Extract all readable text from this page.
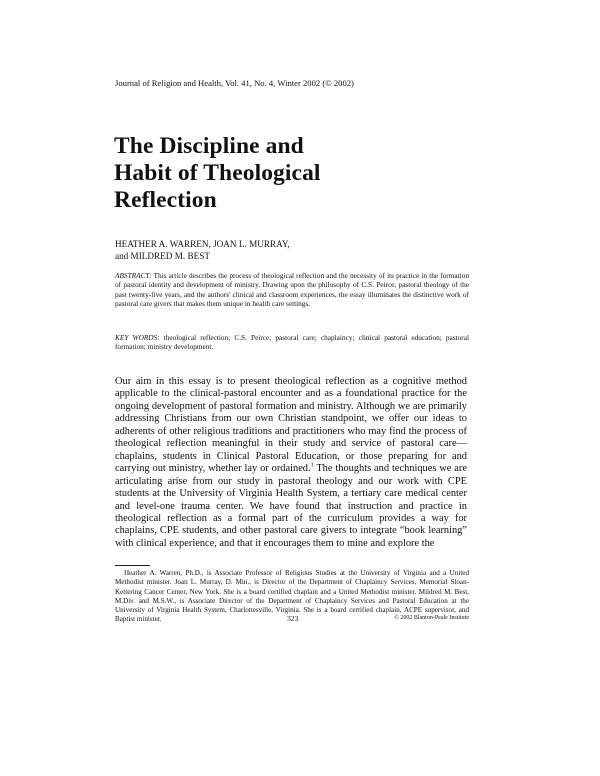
Journal of Religion and Health, Vol. 41, No. 4, Winter 2002 (© 2002)
The Discipline and
Habit of Theological
Reflection
HEATHER A. WARREN, JOAN L. MURRAY,
and MILDRED M. BEST

ABSTRACT: This article describes the process of theological reflection and the necessity of its practice in the formation of pastoral identity and development of ministry. Drawing upon the philosophy of C.S. Peirce, pastoral theology of the past twenty-five years, and the authors' clinical and classroom experiences, the essay illuminates the distinctive work of pastoral care givers that makes them unique in health care settings.

KEY WORDS: theological reflection; C.S. Peirce; pastoral care; chaplaincy; clinical pastoral education; pastoral formation; ministry development.

Our aim in this essay is to present theological reflection as a cognitive method applicable to the clinical-pastoral encounter and as a foundational practice for the ongoing development of pastoral formation and ministry. Although we are primarily addressing Christians from our own Christian standpoint, we offer our ideas to adherents of other religious traditions and practitioners who may find the process of theological reflection meaningful in their study and service of pastoral care—chaplains, students in Clinical Pastoral Education, or those preparing for and carrying out ministry, whether lay or ordained.$^1$ The thoughts and techniques we are articulating arise from our study in pastoral theology and our work with CPE students at the University of Virginia Health System, a tertiary care medical center and level-one trauma center. We have found that instruction and practice in theological reflection as a formal part of the curriculum provides a way for chaplains, CPE students, and other pastoral care givers to integrate “book learning” with clinical experience, and that it encourages them to mine and explore the

Heather A. Warren, Ph.D., is Associate Professor of Religious Studies at the University of Virginia and a United Methodist minister. Joan L. Murray, D. Min., is Director of the Department of Chaplaincy Services, Memorial Sloan-Kettering Cancer Center, New York. She is a board certified chaplain and a United Methodist minister. Mildred M. Best, M.Div. and M.S.W., is Associate Director of the Department of Chaplaincy Services and Pastoral Education at the University of Virginia Health System, Charlottesville, Virginia. She is a board certified chaplain, ACPE supervisor, and Baptist minister.	323	© 2002 Blanton-Peale Institute
